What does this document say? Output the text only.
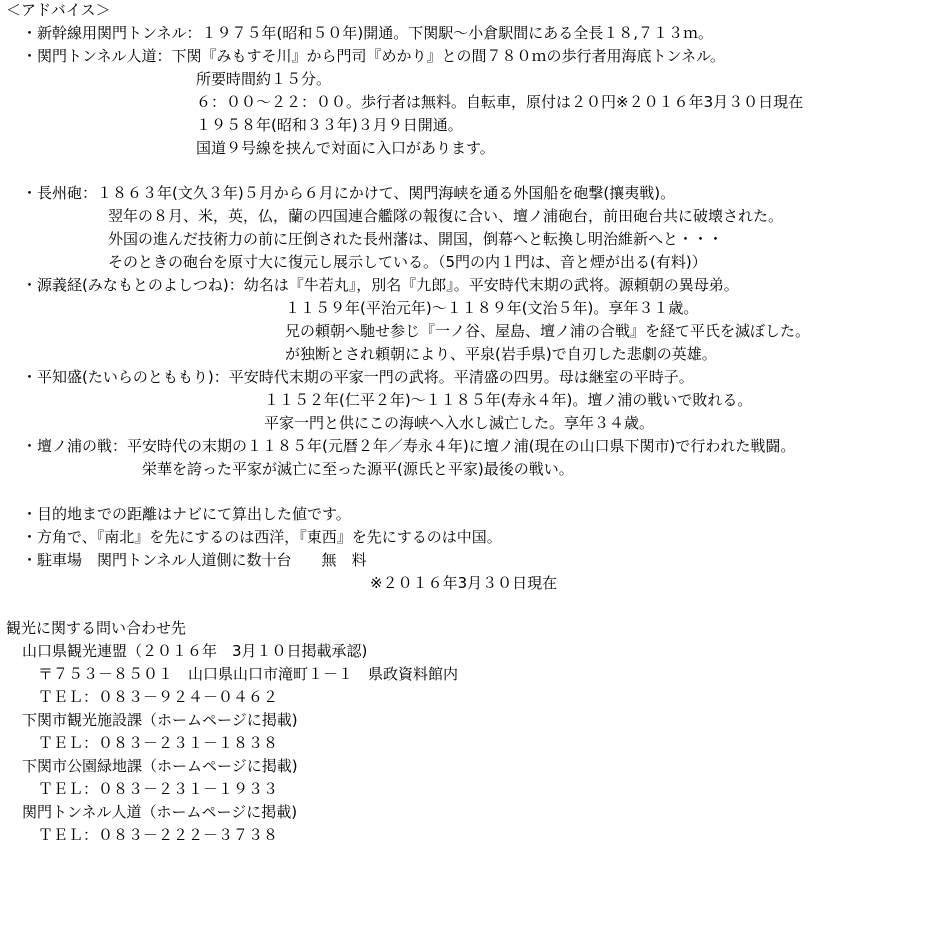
＜アドバイス＞
・新幹線用関門トンネル：１９７５年(昭和５０年)開通。下関駅～小倉駅間にある全長１８,７１３ｍ。
・関門トンネル人道：下関『みもすそ川』から門司『めかり』との間７８０ｍの歩行者用海底トンネル。
所要時間約１５分。
６：００～２２：００。歩行者は無料。自転車，原付は２０円※２０１６年3月３０日現在
１９５８年(昭和３３年)３月９日開通。
国道９号線を挟んで対面に入口があります。
・長州砲：１８６３年(文久３年)５月から６月にかけて、関門海峡を通る外国船を砲撃(攘夷戦)。
翌年の８月、米，英，仏，蘭の四国連合艦隊の報復に合い、壇ノ浦砲台，前田砲台共に破壊された。
外国の進んだ技術力の前に圧倒された長州藩は、開国，倒幕へと転換し明治維新へと・・・
そのときの砲台を原寸大に復元し展示している。（5門の内１門は、音と煙が出る(有料)）
・源義経(みなもとのよしつね)：幼名は『牛若丸』，別名『九郎』。平安時代末期の武将。源頼朝の異母弟。
１１５９年(平治元年)～１１８９年(文治５年)。享年３１歳。
兄の頼朝へ馳せ参じ『一ノ谷、屋島、壇ノ浦の合戦』を経て平氏を滅ぼした。
が独断とされ頼朝により、平泉(岩手県)で自刃した悲劇の英雄。
・平知盛(たいらのとももり)：平安時代末期の平家一門の武将。平清盛の四男。母は継室の平時子。
１１５２年(仁平２年)～１１８５年(寿永４年)。壇ノ浦の戦いで敗れる。
平家一門と供にこの海峡へ入水し滅亡した。享年３４歳。
・壇ノ浦の戦：平安時代の末期の１１８５年(元暦２年／寿永４年)に壇ノ浦(現在の山口県下関市)で行われた戦闘。
栄華を誇った平家が滅亡に至った源平(源氏と平家)最後の戦い。
・目的地までの距離はナビにて算出した値です。
・方角で、『南北』を先にするのは西洋，『東西』を先にするのは中国。
・駐車場　関門トンネル人道側に数十台　　無　料
※２０１６年3月３０日現在
観光に関する問い合わせ先
山口県観光連盟（２０１６年　3月１０日掲載承認)
〒７５３－８５０１　山口県山口市滝町１－１　県政資料館内
ＴＥＬ：０８３－９２４－０４６２
下関市観光施設課（ホームページに掲載)
ＴＥＬ：０８３－２３１－１８３８
下関市公園緑地課（ホームページに掲載)
ＴＥＬ：０８３－２３１－１９３３
関門トンネル人道（ホームページに掲載)
ＴＥＬ：０８３－２２２－３７３８
